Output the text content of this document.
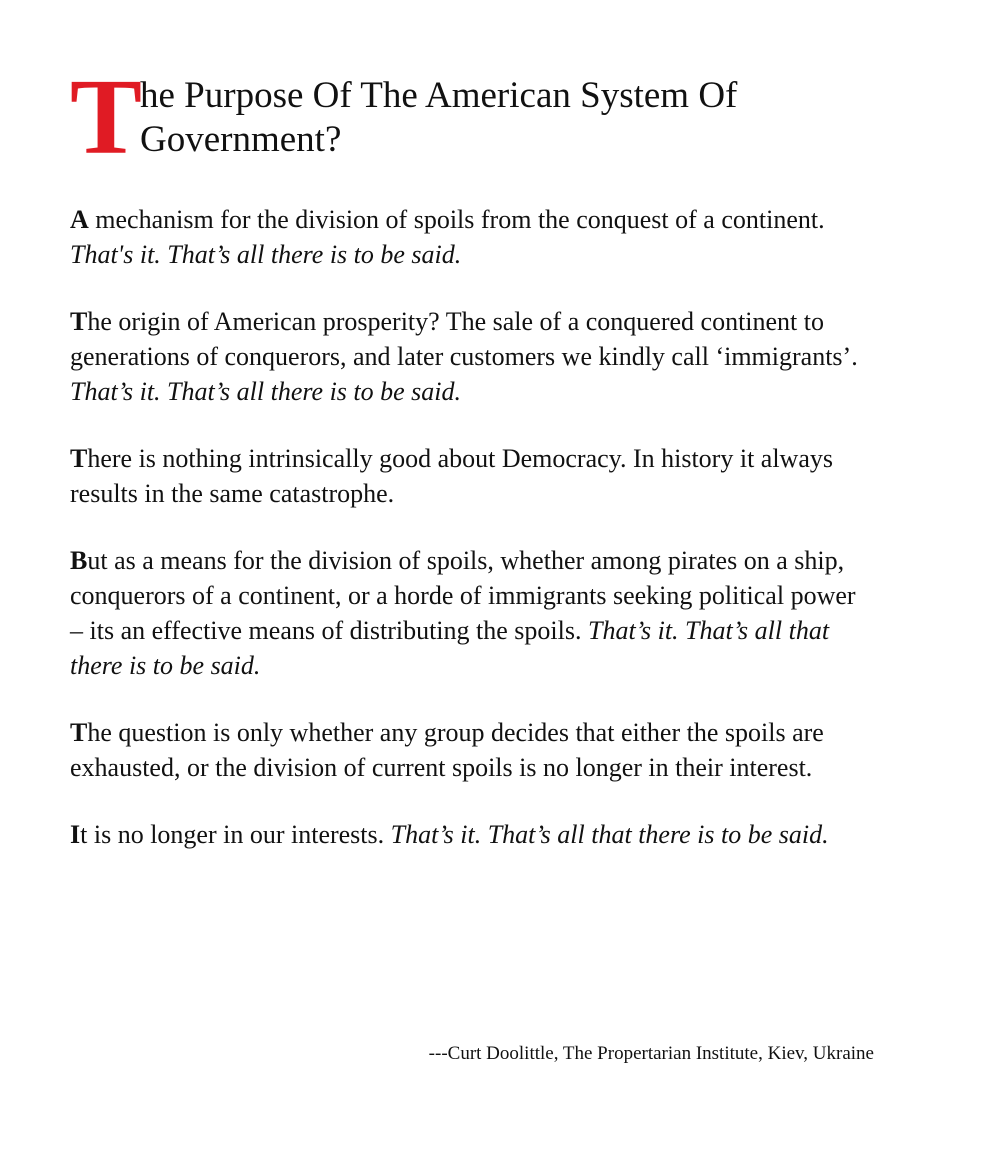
T
he Purpose Of The American System Of
Government?

A mechanism for the division of spoils from the conquest of a continent. That's it. That’s all there is to be said.

The origin of American prosperity? The sale of a conquered continent to generations of conquerors, and later customers we kindly call ‘immigrants’. That’s it. That’s all there is to be said.

There is nothing intrinsically good about Democracy. In history it always results in the same catastrophe.

But as a means for the division of spoils, whether among pirates on a ship, conquerors of a continent, or a horde of immigrants seeking political power – its an effective means of distributing the spoils. That’s it. That’s all that there is to be said.

The question is only whether any group decides that either the spoils are exhausted, or the division of current spoils is no longer in their interest.

It is no longer in our interests. That’s it. That’s all that there is to be said.

---Curt Doolittle, The Propertarian Institute, Kiev, Ukraine
